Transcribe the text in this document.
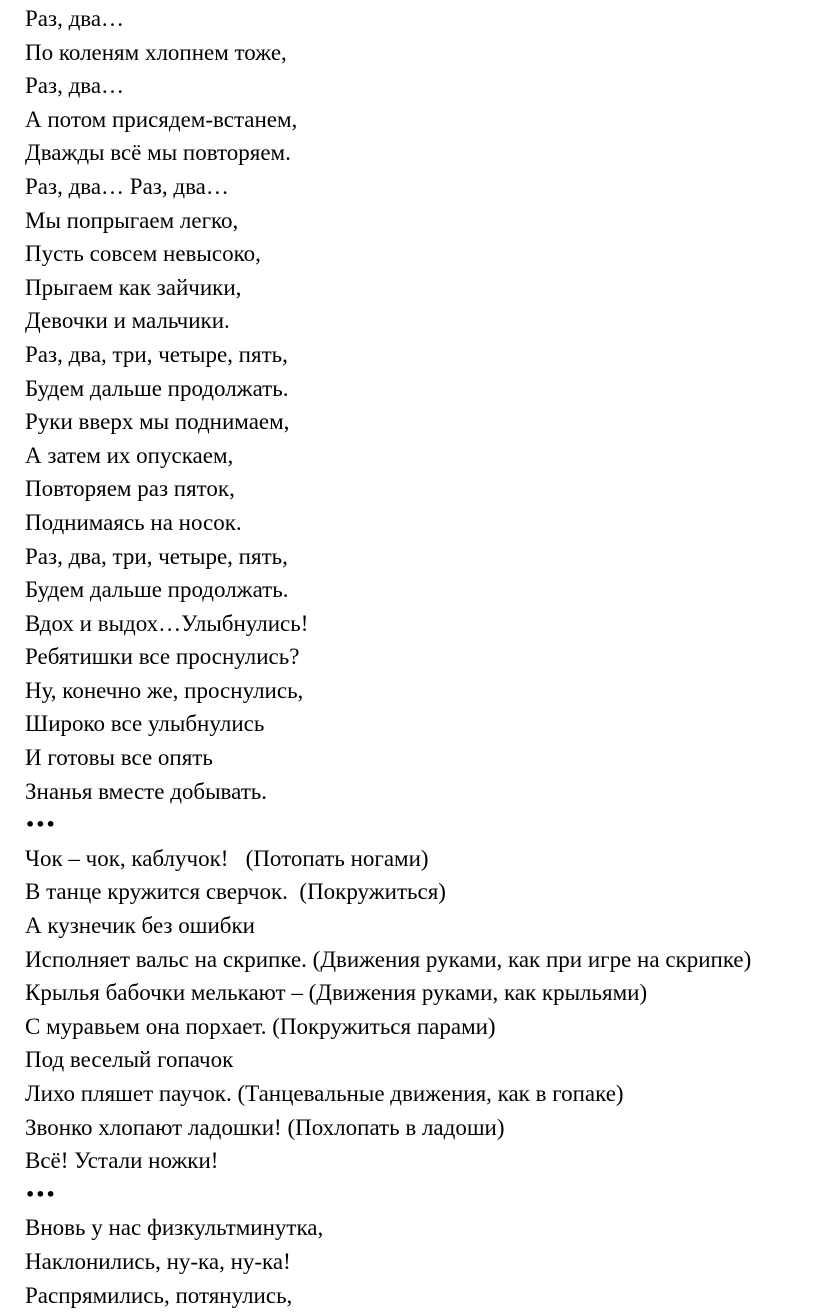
Раз, два…
По коленям хлопнем тоже,
Раз, два…
А потом присядем-встанем,
Дважды всё мы повторяем.
Раз, два… Раз, два…
Мы попрыгаем легко,
Пусть совсем невысоко,
Прыгаем как зайчики,
Девочки и мальчики.
Раз, два, три, четыре, пять,
Будем дальше продолжать.
Руки вверх мы поднимаем,
А затем их опускаем,
Повторяем раз пяток,
Поднимаясь на носок.
Раз, два, три, четыре, пять,
Будем дальше продолжать.
Вдох и выдох…Улыбнулись!
Ребятишки все проснулись?
Ну, конечно же, проснулись,
Широко все улыбнулись
И готовы все опять
Знанья вместе добывать.
•••
Чок – чок, каблучок!   (Потопать ногами)
В танце кружится сверчок.  (Покружиться)
А кузнечик без ошибки
Исполняет вальс на скрипке. (Движения руками, как при игре на скрипке)
Крылья бабочки мелькают – (Движения руками, как крыльями)
С муравьем она порхает. (Покружиться парами)
Под веселый гопачок
Лихо пляшет паучок. (Танцевальные движения, как в гопаке)
Звонко хлопают ладошки! (Похлопать в ладоши)
Всё! Устали ножки!
•••
Вновь у нас физкультминутка,
Наклонились, ну-ка, ну-ка!
Распрямились, потянулись,
